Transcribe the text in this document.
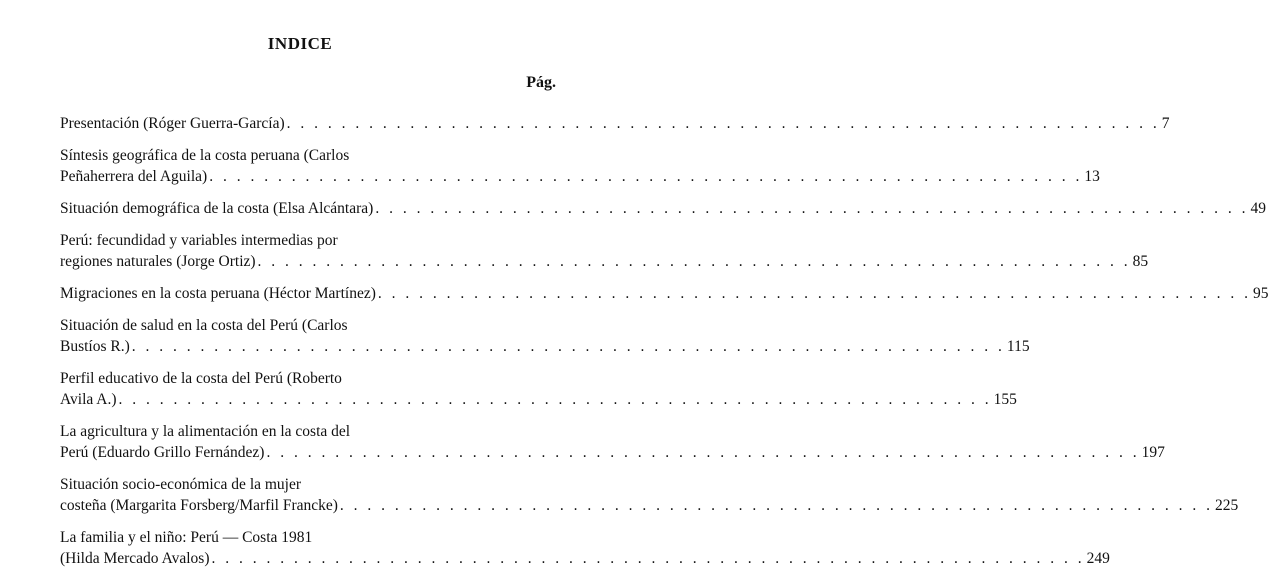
INDICE
Pág.
Presentación (Róger Guerra-García) . . . . . . . . . . . . . . . . . . . . . . . . . . . . . . . . . . . . . . . . . . . . . . . . . . . . . . . . . . . . . . . . 7
Síntesis geográfica de la costa peruana (Carlos
Peñaherrera del Aguila) . . . . . . . . . . . . . . . . . . . . . . . . . . . . . . . . . . . . . . . . . . . . . . . . . . . . . . . . . . . . . . . . 13
Situación demográfica de la costa (Elsa Alcántara) . . . . . . . . . . . . . . . . . . . . . . . . . . . . . . . . . . . . . . . . . . . . . . . . . . . . . . . . . . . . . . . . 49
Perú: fecundidad y variables intermedias por
regiones naturales (Jorge Ortiz) . . . . . . . . . . . . . . . . . . . . . . . . . . . . . . . . . . . . . . . . . . . . . . . . . . . . . . . . . . . . . . . . 85
Migraciones en la costa peruana (Héctor Martínez) . . . . . . . . . . . . . . . . . . . . . . . . . . . . . . . . . . . . . . . . . . . . . . . . . . . . . . . . . . . . . . . . 95
Situación de salud en la costa del Perú (Carlos
Bustíos R.) . . . . . . . . . . . . . . . . . . . . . . . . . . . . . . . . . . . . . . . . . . . . . . . . . . . . . . . . . . . . . . . . 115
Perfil educativo de la costa del Perú (Roberto
Avila A.) . . . . . . . . . . . . . . . . . . . . . . . . . . . . . . . . . . . . . . . . . . . . . . . . . . . . . . . . . . . . . . . . 155
La agricultura y la alimentación en la costa del
Perú (Eduardo Grillo Fernández) . . . . . . . . . . . . . . . . . . . . . . . . . . . . . . . . . . . . . . . . . . . . . . . . . . . . . . . . . . . . . . . . 197
Situación socio-económica de la mujer
costeña (Margarita Forsberg/Marfil Francke) . . . . . . . . . . . . . . . . . . . . . . . . . . . . . . . . . . . . . . . . . . . . . . . . . . . . . . . . . . . . . . . . 225
La familia y el niño: Perú — Costa 1981
(Hilda Mercado Avalos) . . . . . . . . . . . . . . . . . . . . . . . . . . . . . . . . . . . . . . . . . . . . . . . . . . . . . . . . . . . . . . . . 249
